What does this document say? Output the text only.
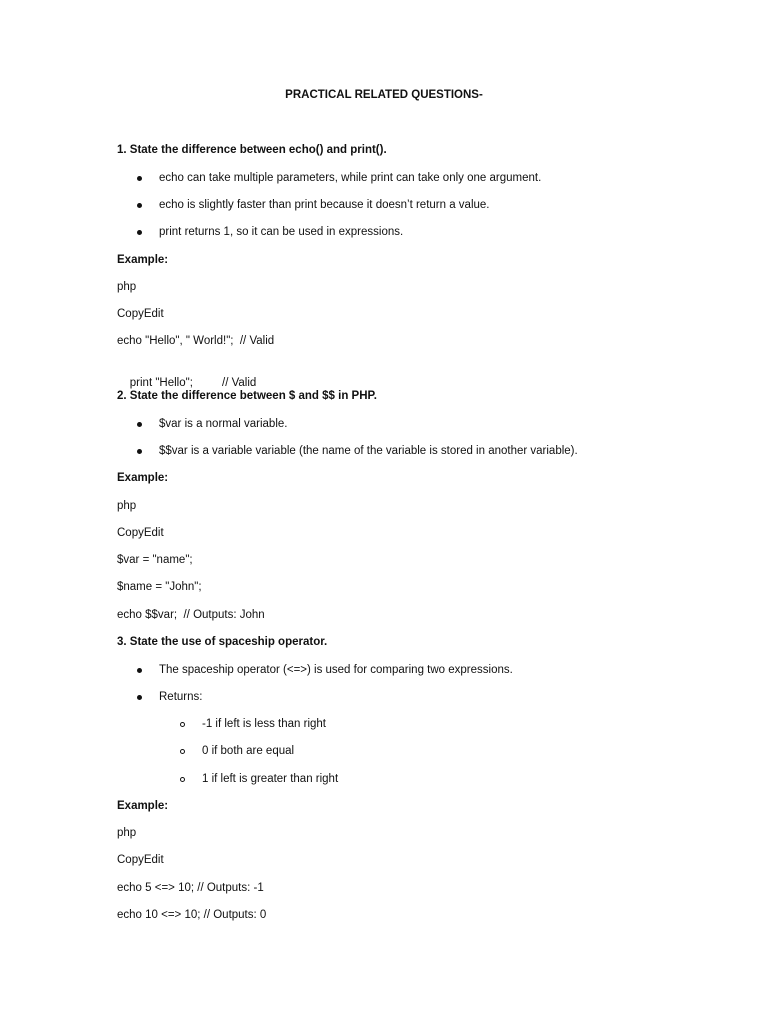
PRACTICAL RELATED QUESTIONS-
1. State the difference between echo() and print().
echo can take multiple parameters, while print can take only one argument.
echo is slightly faster than print because it doesn’t return a value.
print returns 1, so it can be used in expressions.
Example:
php
CopyEdit
echo "Hello", " World!";  // Valid

print "Hello";	// Valid

2. State the difference between $ and $$ in PHP.
$var is a normal variable.
$$var is a variable variable (the name of the variable is stored in another variable).
Example:
php
CopyEdit
$var = "name";
$name = "John";
echo $$var;  // Outputs: John
3. State the use of spaceship operator.
The spaceship operator (<=>) is used for comparing two expressions.
Returns:
-1 if left is less than right
0 if both are equal
1 if left is greater than right
Example:
php
CopyEdit
echo 5 <=> 10; // Outputs: -1
echo 10 <=> 10; // Outputs: 0
